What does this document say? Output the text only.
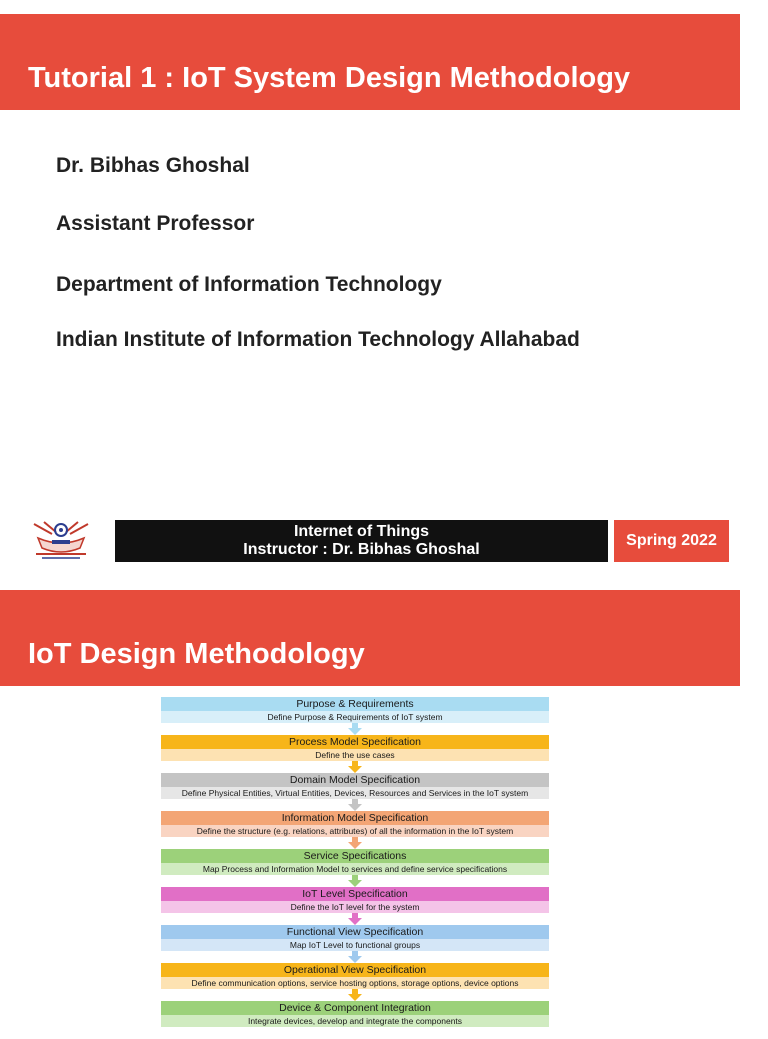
Tutorial 1 : IoT System Design Methodology
Dr. Bibhas Ghoshal
Assistant Professor
Department of Information Technology
Indian Institute of Information Technology Allahabad
Internet of Things
Instructor : Dr. Bibhas Ghoshal
Spring 2022
IoT Design Methodology
Purpose & Requirements
Define Purpose & Requirements of IoT system
Process Model Specification
Define the use cases
Domain Model Specification
Define Physical Entities, Virtual Entities, Devices, Resources and Services in the IoT system
Information Model Specification
Define the structure (e.g. relations, attributes) of all the information in the IoT system
Service Specifications
Map Process and Information Model to services and define service specifications
IoT Level Specification
Define the IoT level for the system
Functional View Specification
Map IoT Level to functional groups
Operational View Specification
Define communication options, service hosting options, storage options, device options
Device & Component Integration
Integrate devices, develop and integrate the components
